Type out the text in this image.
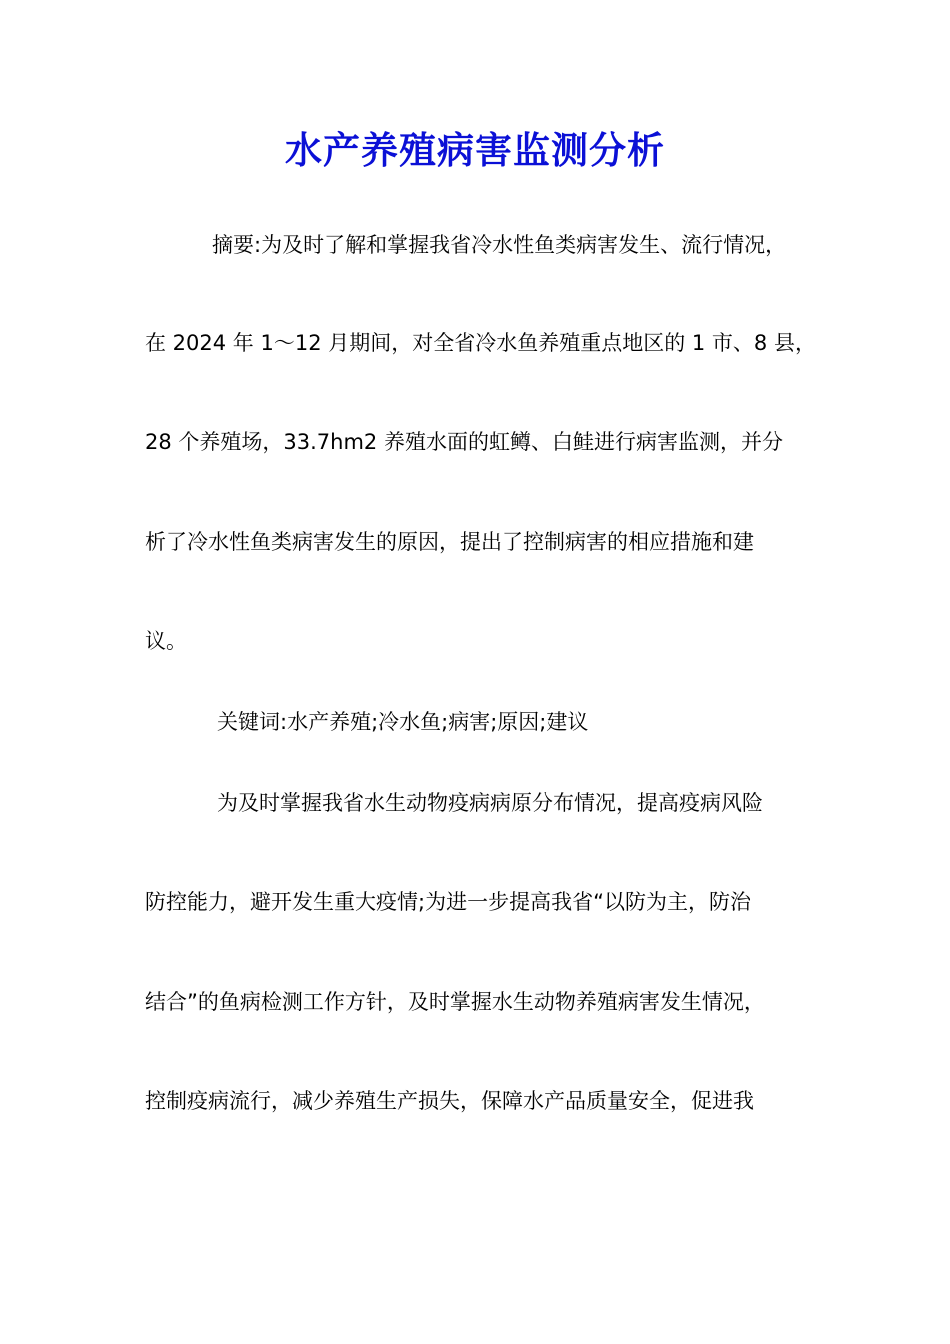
水产养殖病害监测分析
摘要:为及时了解和掌握我省冷水性鱼类病害发生、流行情况，
在 2024 年 1～12 月期间，对全省冷水鱼养殖重点地区的 1 市、8 县，
28 个养殖场，33.7hm2 养殖水面的虹鳟、白鲑进行病害监测，并分
析了冷水性鱼类病害发生的原因，提出了控制病害的相应措施和建
议。
关键词:水产养殖;冷水鱼;病害;原因;建议
为及时掌握我省水生动物疫病病原分布情况，提高疫病风险
防控能力，避开发生重大疫情;为进一步提高我省“以防为主，防治
结合”的鱼病检测工作方针，及时掌握水生动物养殖病害发生情况，
控制疫病流行，减少养殖生产损失，保障水产品质量安全，促进我
